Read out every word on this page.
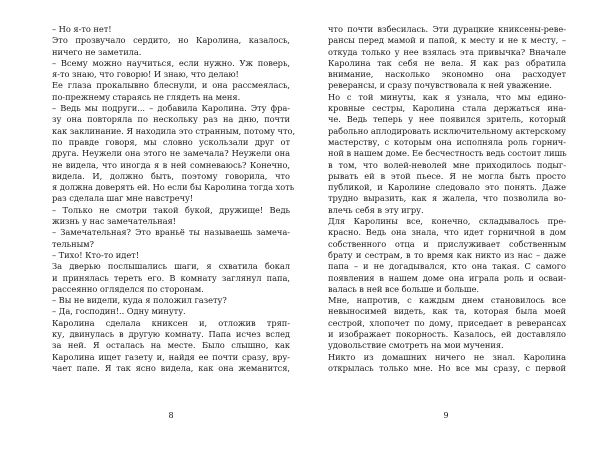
– Но я-то нет!
Это прозвучало сердито, но Каролина, казалось,
ничего не заметила.
– Всему можно научиться, если нужно. Уж поверь,
я-то знаю, что говорю! И знаю, что делаю!
Ее глаза прокалывно блеснули, и она рассмеялась,
по-прежнему стараясь не глядеть на меня.
– Ведь мы подруги... – добавила Каролина. Эту фра-
зу она повторяла по нескольку раз на дню, почти
как заклинание. Я находила это странным, потому что,
по правде говоря, мы словно ускользали друг от
друга. Неужели она этого не замечала? Неужели она
не видела, что иногда я в ней сомневаюсь? Конечно,
видела. И, должно быть, поэтому говорила, что
я должна доверять ей. Но если бы Каролина тогда хоть
раз сделала шаг мне навстречу!
– Только не смотри такой букой, дружище! Ведь
жизнь у нас замечательная!
– Замечательная? Это враньё ты называешь замеча-
тельным?
– Тихо! Кто-то идет!
За дверью послышались шаги, я схватила бокал
и принялась тереть его. В комнату заглянул папа,
рассеянно огляделся по сторонам.
– Вы не видели, куда я положил газету?
– Да, господин!.. Одну минуту.
Каролина сделала книксен и, отложив тряп-
ку, двинулась в другую комнату. Папа исчез вслед
за ней. Я осталась на месте. Было слышно, как
Каролина ищет газету и, найдя ее почти сразу, вру-
чает папе. Я так ясно видела, как она жеманится,
что почти взбесилась. Эти дурацкие книксены-ревe-
рансы перед мамой и папой, к месту и не к месту, –
откуда только у нее взялась эта привычка? Вначале
Каролина так себя не вела. Я как раз обратила
внимание, насколько экономно она расходует
реверансы, и сразу почувствовала к ней уважение.
Но с той минуты, как я узнала, что мы едино-
кровные сестры, Каролина стала держаться ина-
че. Ведь теперь у нее появился зритель, который
рабольно аплодировать исключительному актерскому
мастерству, с которым она исполняла роль горнич-
ной в нашем доме. Ее бесчестность ведь состоит лишь
в том, что волей-неволей мне приходилось подыг-
рывать ей в этой пьесе. Я не могла быть просто
публикой, и Каролине следовало это понять. Даже
трудно выразить, как я жалела, что позволила во-
влечь себя в эту игру.
Для Каролины все, конечно, складывалось пре-
красно. Ведь она знала, что идет горничной в дом
собственного отца и прислуживает собственным
брату и сестрам, в то время как никто из нас – даже
папа – и не догадывался, кто она такая. С самого
появления в нашем доме она играла роль и осваи-
валась в ней все больше и больше.
Мне, напротив, с каждым днем становилось все
невыносимей видеть, как та, которая была моей
сестрой, хлопочет по дому, приседает в реверансах
и изображает покорность. Казалось, ей доставляло
удовольствие смотреть на мои мучения.
Никто из домашних ничего не знал. Каролина
открылась только мне. Но все мы сразу, с первой
8	9
